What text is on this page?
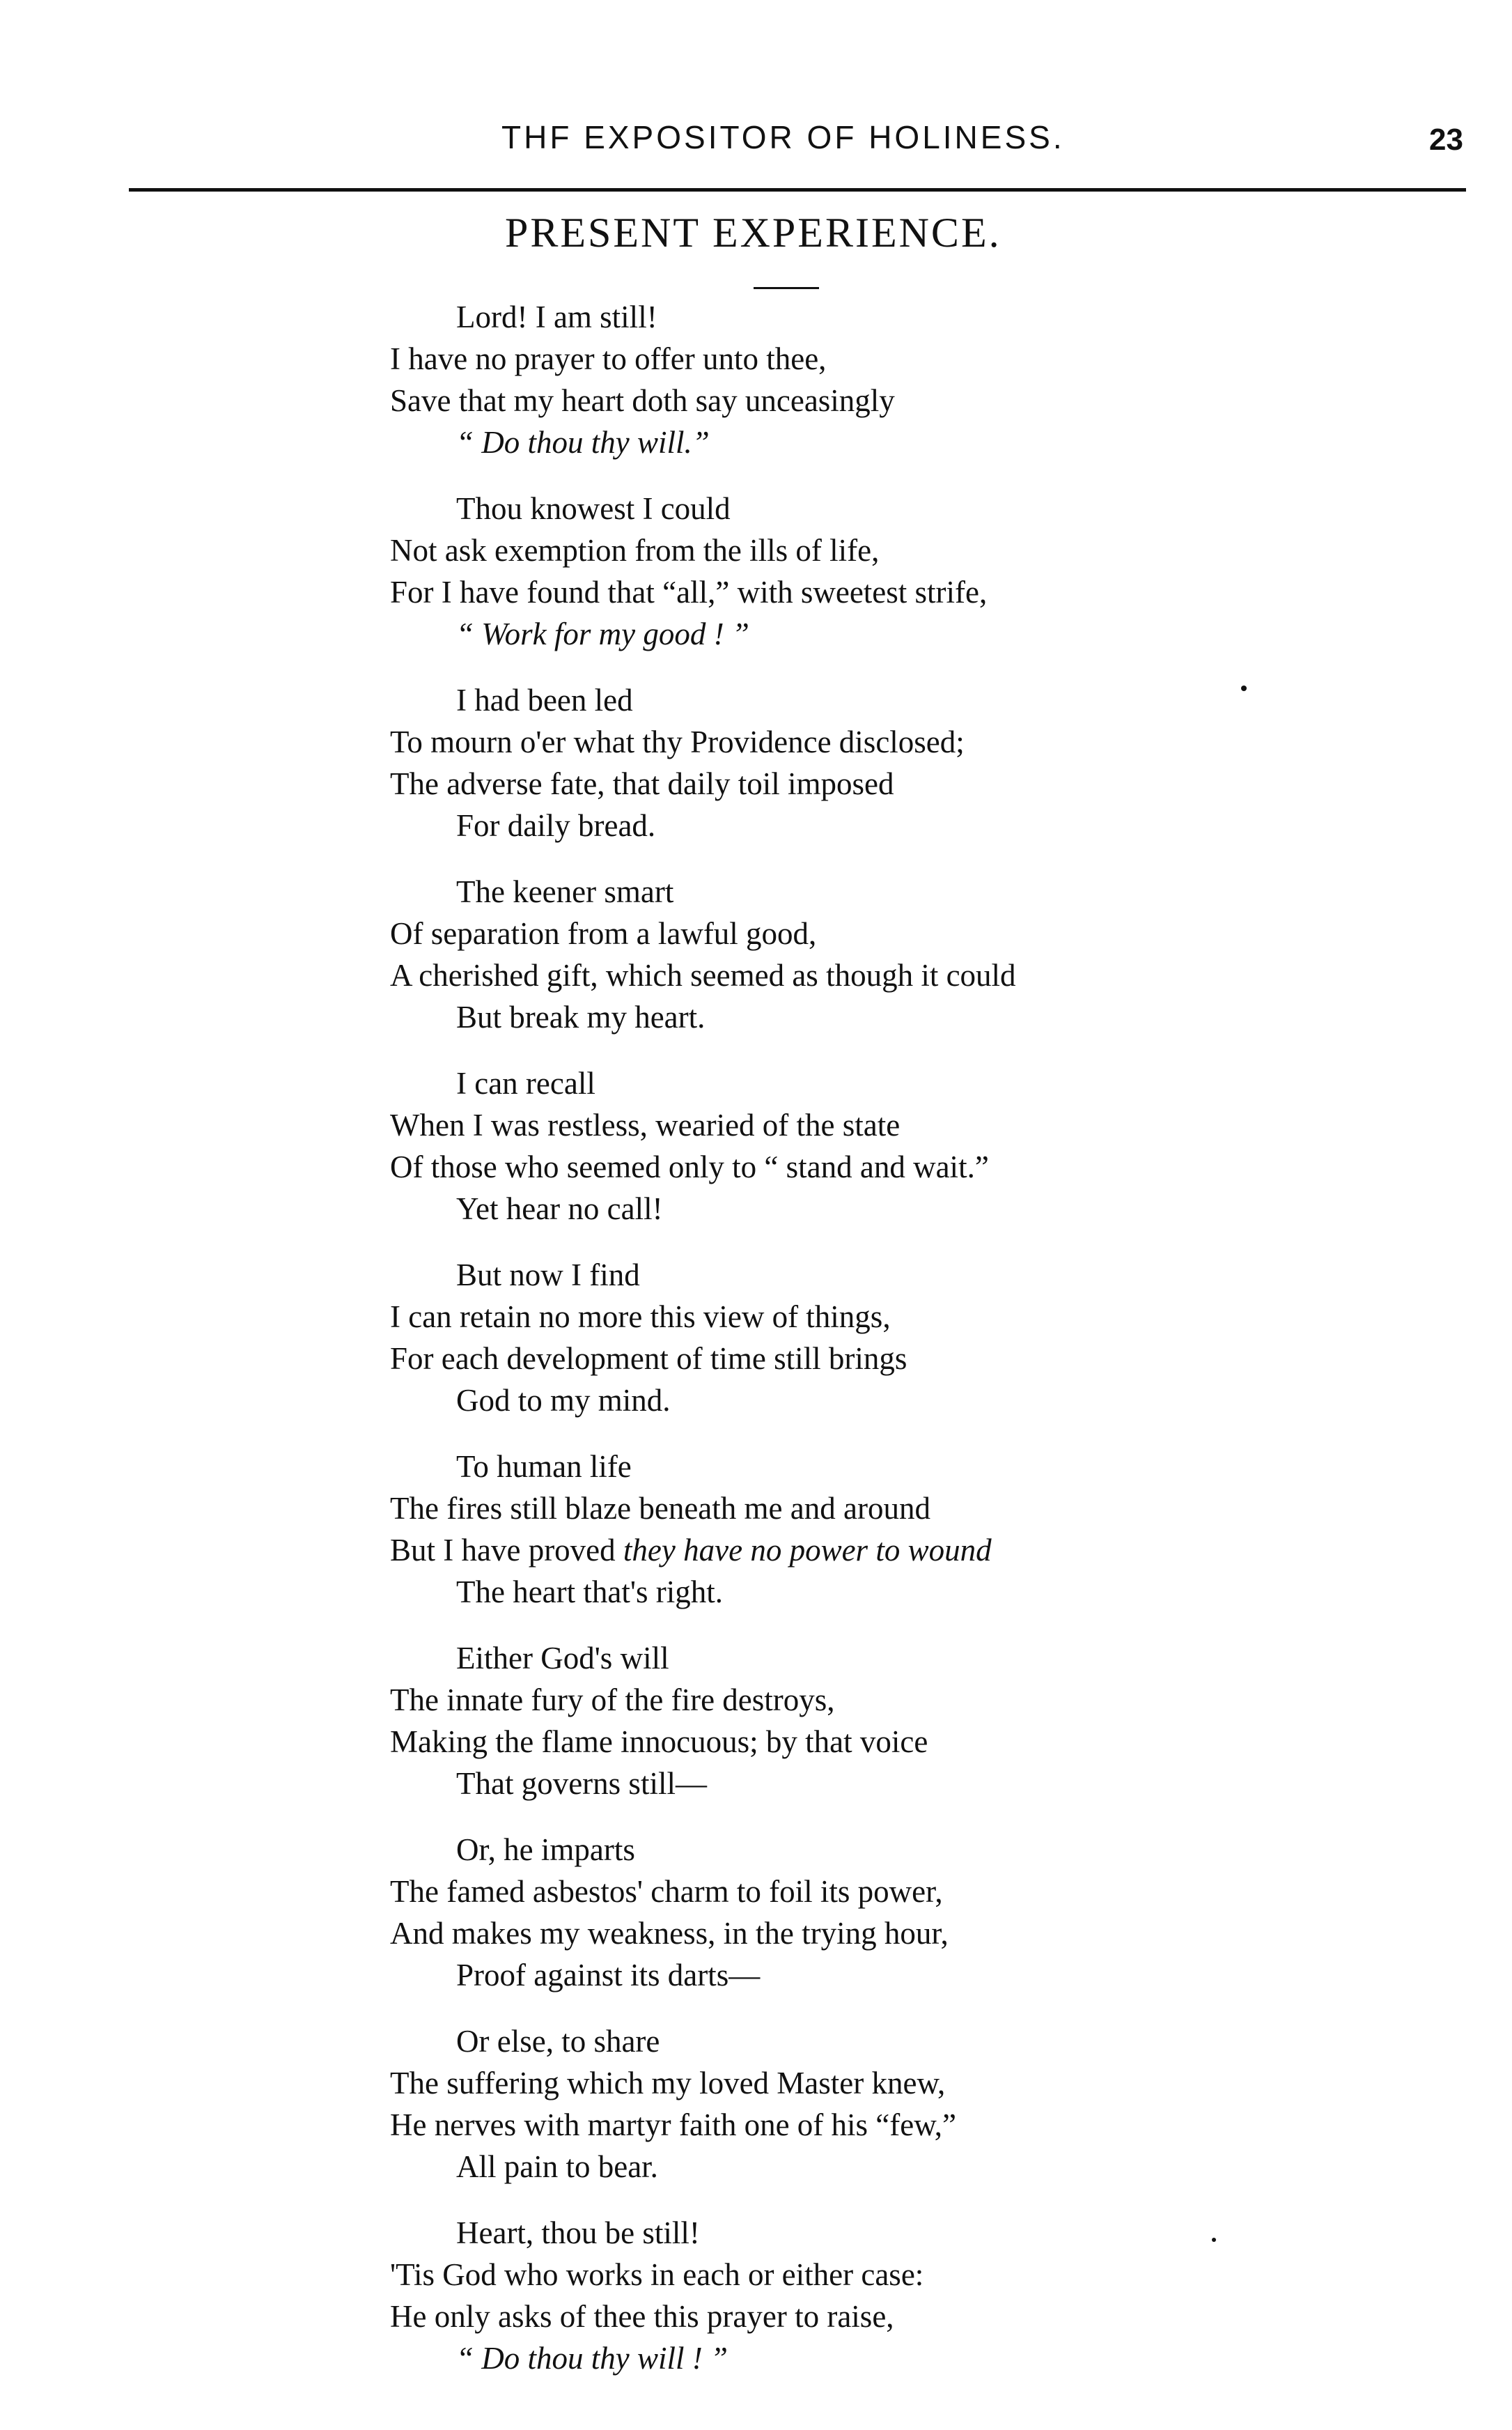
THF EXPOSITOR OF HOLINESS.	23
PRESENT EXPERIENCE.
Lord! I am still!
I have no prayer to offer unto thee,
Save that my heart doth say unceasingly
“ Do thou thy will.”
Thou knowest I could
Not ask exemption from the ills of life,
For I have found that “all,” with sweetest strife,
“ Work for my good ! ”
I had been led
To mourn o'er what thy Providence disclosed;
The adverse fate, that daily toil imposed
For daily bread.
The keener smart
Of separation from a lawful good,
A cherished gift, which seemed as though it could
But break my heart.
I can recall
When I was restless, wearied of the state
Of those who seemed only to “ stand and wait.”
Yet hear no call!
But now I find
I can retain no more this view of things,
For each development of time still brings
God to my mind.
To human life
The fires still blaze beneath me and around
But I have proved they have no power to wound
The heart that's right.
Either God's will
The innate fury of the fire destroys,
Making the flame innocuous; by that voice
That governs still—
Or, he imparts
The famed asbestos' charm to foil its power,
And makes my weakness, in the trying hour,
Proof against its darts—
Or else, to share
The suffering which my loved Master knew,
He nerves with martyr faith one of his “few,”
All pain to bear.
Heart, thou be still!
'Tis God who works in each or either case:
He only asks of thee this prayer to raise,
“ Do thou thy will ! ”
